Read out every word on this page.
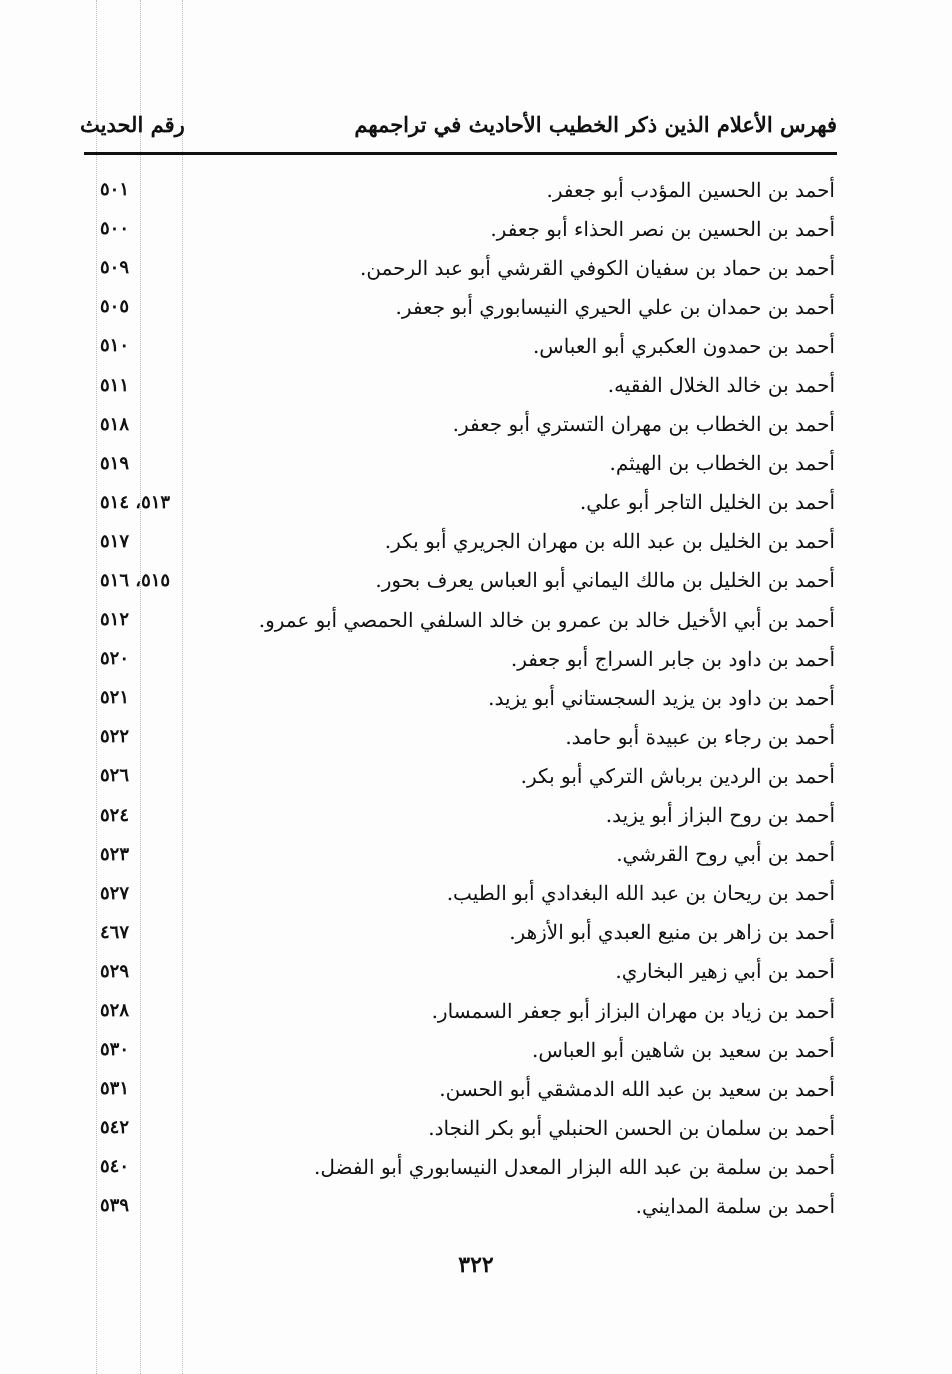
فهرس الأعلام الذين ذكر الخطيب الأحاديث في تراجمهم
رقم الحديث
أحمد بن الحسين المؤدب أبو جعفر.
٥٠١
أحمد بن الحسين بن نصر الحذاء أبو جعفر.
٥٠٠
أحمد بن حماد بن سفيان الكوفي القرشي أبو عبد الرحمن.
٥٠٩
أحمد بن حمدان بن علي الحيري النيسابوري أبو جعفر.
٥٠٥
أحمد بن حمدون العكبري أبو العباس.
٥١٠
أحمد بن خالد الخلال الفقيه.
٥١١
أحمد بن الخطاب بن مهران التستري أبو جعفر.
٥١٨
أحمد بن الخطاب بن الهيثم.
٥١٩
أحمد بن الخليل التاجر أبو علي.
٥١٣، ٥١٤
أحمد بن الخليل بن عبد الله بن مهران الجريري أبو بكر.
٥١٧
أحمد بن الخليل بن مالك اليماني أبو العباس يعرف بحور.
٥١٥، ٥١٦
أحمد بن أبي الأخيل خالد بن عمرو بن خالد السلفي الحمصي أبو عمرو.
٥١٢
أحمد بن داود بن جابر السراج أبو جعفر.
٥٢٠
أحمد بن داود بن يزيد السجستاني أبو يزيد.
٥٢١
أحمد بن رجاء بن عبيدة أبو حامد.
٥٢٢
أحمد بن الردين برباش التركي أبو بكر.
٥٢٦
أحمد بن روح البزاز أبو يزيد.
٥٢٤
أحمد بن أبي روح القرشي.
٥٢٣
أحمد بن ريحان بن عبد الله البغدادي أبو الطيب.
٥٢٧
أحمد بن زاهر بن منيع العبدي أبو الأزهر.
٤٦٧
أحمد بن أبي زهير البخاري.
٥٢٩
أحمد بن زياد بن مهران البزاز أبو جعفر السمسار.
٥٢٨
أحمد بن سعيد بن شاهين أبو العباس.
٥٣٠
أحمد بن سعيد بن عبد الله الدمشقي أبو الحسن.
٥٣١
أحمد بن سلمان بن الحسن الحنبلي أبو بكر النجاد.
٥٤٢
أحمد بن سلمة بن عبد الله البزار المعدل النيسابوري أبو الفضل.
٥٤٠
أحمد بن سلمة المدايني.
٥٣٩
٣٢٢
